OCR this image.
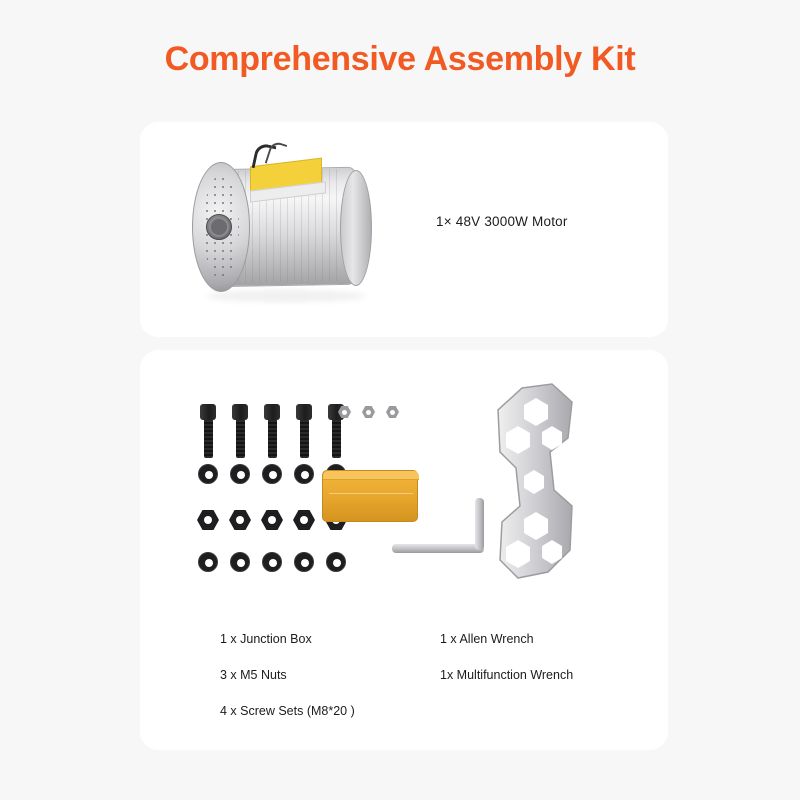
Comprehensive Assembly Kit
1× 48V 3000W Motor
1 x Junction Box
3 x M5 Nuts
4 x Screw Sets (M8*20 )
1 x Allen Wrench
1x Multifunction Wrench
